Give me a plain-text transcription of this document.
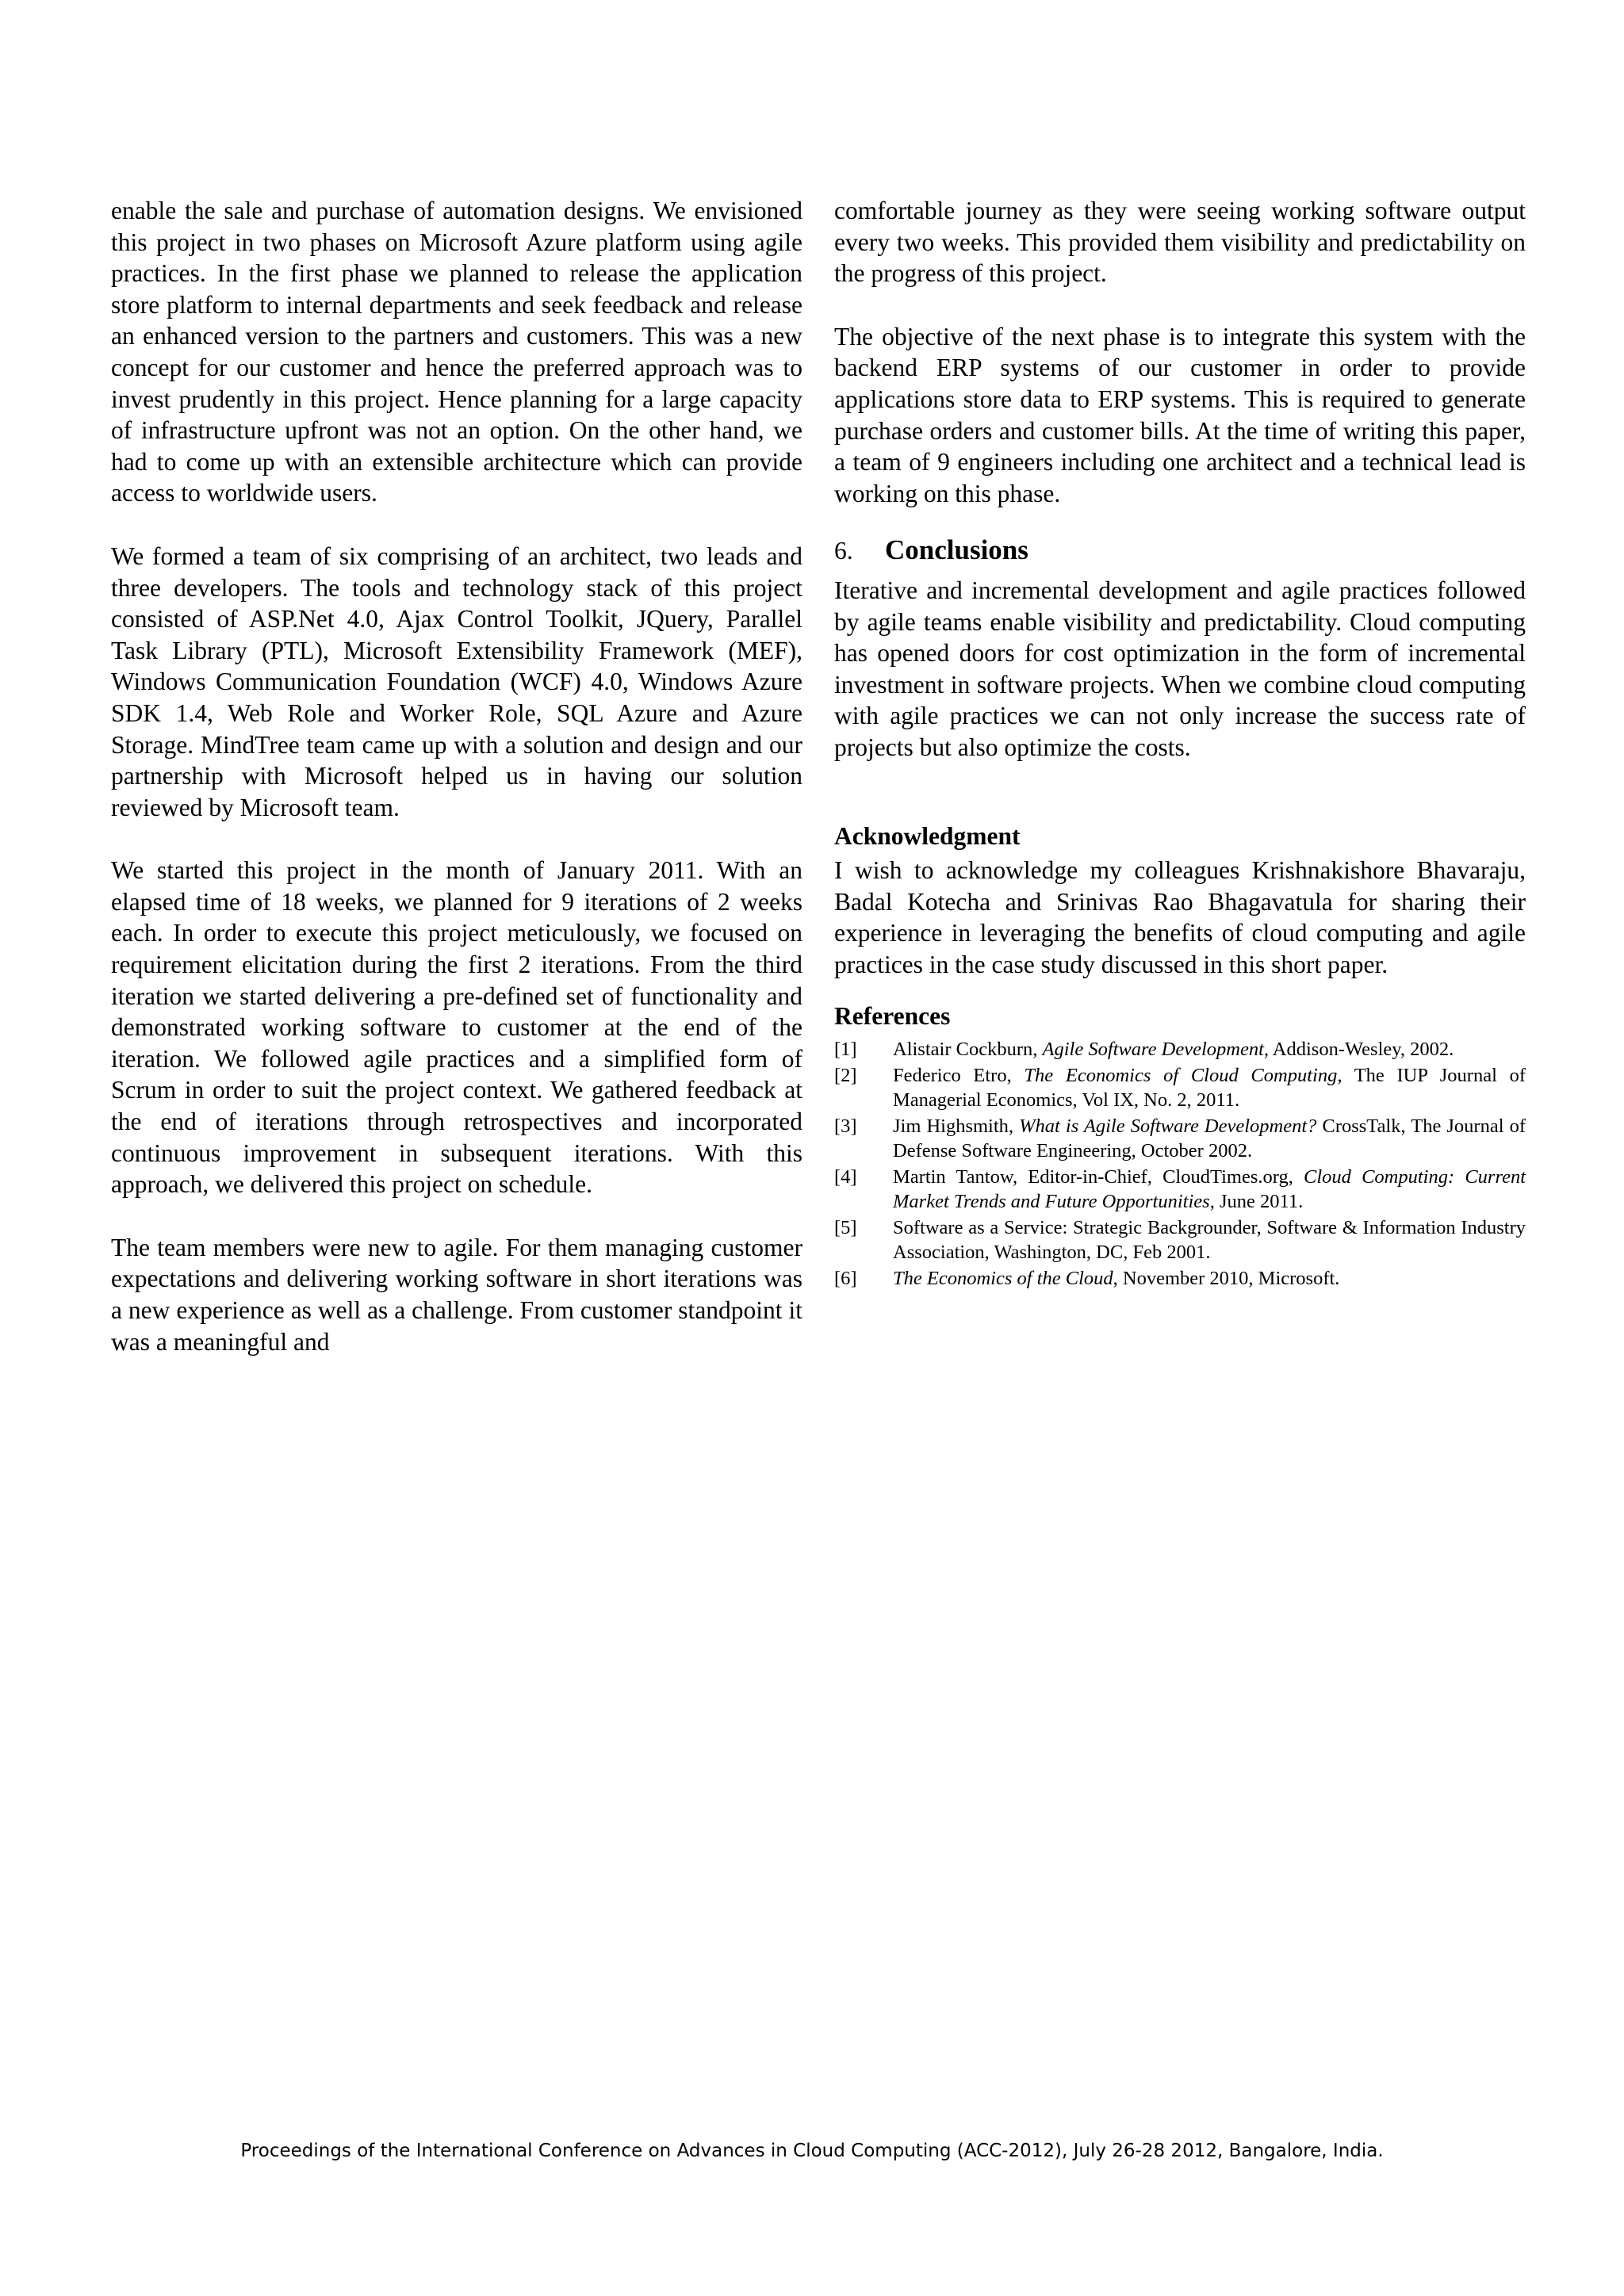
enable the sale and purchase of automation designs. We envisioned this project in two phases on Microsoft Azure platform using agile practices. In the first phase we planned to release the application store platform to internal departments and seek feedback and release an enhanced version to the partners and customers. This was a new concept for our customer and hence the preferred approach was to invest prudently in this project. Hence planning for a large capacity of infrastructure upfront was not an option. On the other hand, we had to come up with an extensible architecture which can provide access to worldwide users.

We formed a team of six comprising of an architect, two leads and three developers. The tools and technology stack of this project consisted of ASP.Net 4.0, Ajax Control Toolkit, JQuery, Parallel Task Library (PTL), Microsoft Extensibility Framework (MEF), Windows Communication Foundation (WCF) 4.0, Windows Azure SDK 1.4, Web Role and Worker Role, SQL Azure and Azure Storage. MindTree team came up with a solution and design and our partnership with Microsoft helped us in having our solution reviewed by Microsoft team.

We started this project in the month of January 2011. With an elapsed time of 18 weeks, we planned for 9 iterations of 2 weeks each. In order to execute this project meticulously, we focused on requirement elicitation during the first 2 iterations. From the third iteration we started delivering a pre-defined set of functionality and demonstrated working software to customer at the end of the iteration. We followed agile practices and a simplified form of Scrum in order to suit the project context. We gathered feedback at the end of iterations through retrospectives and incorporated continuous improvement in subsequent iterations. With this approach, we delivered this project on schedule.

The team members were new to agile. For them managing customer expectations and delivering working software in short iterations was a new experience as well as a challenge. From customer standpoint it was a meaningful and

comfortable journey as they were seeing working software output every two weeks. This provided them visibility and predictability on the progress of this project.

The objective of the next phase is to integrate this system with the backend ERP systems of our customer in order to provide applications store data to ERP systems. This is required to generate purchase orders and customer bills. At the time of writing this paper, a team of 9 engineers including one architect and a technical lead is working on this phase.

6.	Conclusions

Iterative and incremental development and agile practices followed by agile teams enable visibility and predictability. Cloud computing has opened doors for cost optimization in the form of incremental investment in software projects. When we combine cloud computing with agile practices we can not only increase the success rate of projects but also optimize the costs.

Acknowledgment

I wish to acknowledge my colleagues Krishnakishore Bhavaraju, Badal Kotecha and Srinivas Rao Bhagavatula for sharing their experience in leveraging the benefits of cloud computing and agile practices in the case study discussed in this short paper.

References
[1]	Alistair Cockburn, Agile Software Development, Addison-Wesley, 2002.
[2]	Federico Etro, The Economics of Cloud Computing, The IUP Journal of Managerial Economics, Vol IX, No. 2, 2011.
[3]	Jim Highsmith, What is Agile Software Development? CrossTalk, The Journal of Defense Software Engineering, October 2002.
[4]	Martin Tantow, Editor-in-Chief, CloudTimes.org, Cloud Computing: Current Market Trends and Future Opportunities, June 2011.
[5]	Software as a Service: Strategic Backgrounder, Software & Information Industry Association, Washington, DC, Feb 2001.
[6]	The Economics of the Cloud, November 2010, Microsoft.
Proceedings of the International Conference on Advances in Cloud Computing (ACC-2012), July 26-28 2012, Bangalore, India.
